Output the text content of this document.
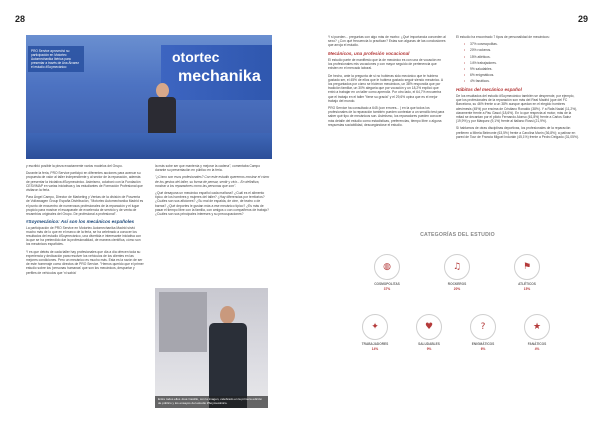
28	29
otortec
mechanika
PRO Service aprovechó su participación en Motortec Automechanika Ibérica para presentar a través de Ana Álvarez el estudio #Soymecánico

y escribió posible la pieza exactamente varios modelos del Grupo.

Durante la feria, PRO Service participó en diferentes acciones para acercar su propuesta de valor al taller independiente y al sector de la reparación, además de presentar la iniciativa #Soymecánico. Asimismo, colaboró con la Fundación CESVIMAP en varias iniciativas y los estudiantes de Formación Profesional que visitaron la feria.

Para Ángel Campo, Director de Marketing y Ventas de la división de Posventa de Volkswagen Group España Distribución, "Motortec Automechanika Madrid es el punto de encuentro de numerosos profesionales de la reparación y el lugar propicio para mostrar el escaparate de excelencia de servicio y de venta de recambios originales del Grupo. De profesional a profesional".

#Soymecánico: Así son los mecánicos españoles

La participación de PRO Service en Motortec Automechanika Madrid sirvió mucho más de lo que en el marco de la feria, se ha celebrado a conocer los resultados del estudio #Soymecánico, una divertida e interesante iniciativa con la que se ha pretendido dar la profesionalidad, de manera científica, cómo son los mecánicos españoles.

Y es que detrás de cada taller hay profesionales que día a día ofrecen toda su experiencia y dedicación para resolver los vehículos de los clientes en las mejores condiciones. Pero un mecánico es mucho más. Esta es la razón de ser de este homenaje como directos de PRO Service. "Hemos querido que el primer estudio sobre los 'personas humanas' que son los mecánicos, despuntar y perfiles de vehículos que 'ni sabía'

la más sobe ser que mantenía y mejorar la cadena", comentaba Campo durante su presentación en público en la feria.

"¿Cómo son esos profesionales? Con este estudio queremos mostrar el cómo de los gestos del taller, su forma de pensar, sentir y vivir... En definitiva, mostrar a los reparadores como las personas que son".

¿Qué desayuna un mecánico español cada mañana? ¿Cuál es el alimento típico de los hombres y mujeres del taller? ¿Hay diferencias por territorios? ¿Cuáles son sus aficiones? ¿Su mal de espalda, de cine, de teatro o de barras? ¿Qué deportes le gustan más a ese mecánico típico? ¿Es más de pasar el tiempo libre con la familia, con amigos o con compañeros de trabajo? ¿Cuáles son sus principales intereses y su preocupaciones?

Entre todos ellos José Castillo, con la imagen, celebrado en la primera edición de público y los ensayos del estudio #Soymecánico.

Y si pueden... preguntas con algo más de morbo: ¿Qué importancia conceden al sexo? ¿Con qué frecuencia lo practican? Estas son algunas de las conclusiones que arroja el estudio.

Mecánicos, una profesión vocacional

El estudio parte de manifiesto que la de mecánico es con una de vocación en los profesionales mis vocaciones y con mayor seguido de pertenencia que existen en el mercado laboral.

De hecho, ante la pregunta de si no hubieras sido mecánico que te hubiera gustado ser, el 45% de ellos que le hubiera gustado seguir siendo mecánico. A los preguntados por cómo se hicieron mecánicos, un 38% respondía que por tradición familiar, un 30% alegaría que por vocación y un 18,2% explicó que entró a trabajar en un taller como aprendiz. Por otro lado, el 64,7% encuentra que el trabajo en el taller "tiene su gracia" y el 29,6% opina que es el mejor trabajo del mundo.

PRO Service ha consultado a 645 (con errores... ) en la que todos los profesionales de la reparación también pueden contestar a un sencillo test para saber qué tipo de mecánicos son. Asimismo, los reparadores pueden conocer más detalle del estudio como estadísticas, preferencias, tiempo libre o alguna respuestas sociabilidad, descargándose el estudio.

El estudio ha encontrado 7 tipos de personalidad de mecánicos:

• 37% cosmopolitas.
• 20% rockeros.
• 15% atléticos.
• 14% trabajadores.
• 9% saludables.
• 6% enigmáticos.
• 4% fanáticos.
Hábitos del mecánico español

De los resultados del estudio #Soymecánico también se desprende, por ejemplo, que los profesionales de la reparación son más del Real Madrid (que del FC Barcelona, su 46% frente a un 38% aunque quedan en el elegido hombres alevirnesis (45%) por encima de Cristiano Ronaldo (38%). Y a Rafa Nadal (11,2%), claramente frente a Pau Gasol (18,6%). En lo que respecta al motor, más de la mitad se decantan por el piloto Fernando Alonso (61,8%) frente a Carlos Sainz (19,9%) y por Márquez (9,1%) frente al italiano Rossi (21,9%).

Si hablamos de otras disciplinas deportivas, los profesionales de la reparación prefieren a Mireia Belmonte (63,5%) frente a Carolina Marín (36,8%); a patinar en pared de Tour de Francia Miguel Induráin (45,1%) frente a Pedro Delgado (31,05%).

CATEGORÍAS DEL ESTUDIO
◍
COSMOPOLITAS
37%
♫
ROCKEROS
20%
⚑
ATLÉTICOS
15%
✦
TRABAJADORES
14%
♥
SALUDABLES
9%
?
ENIGMÁTICOS
6%
★
FANÁTICOS
4%
